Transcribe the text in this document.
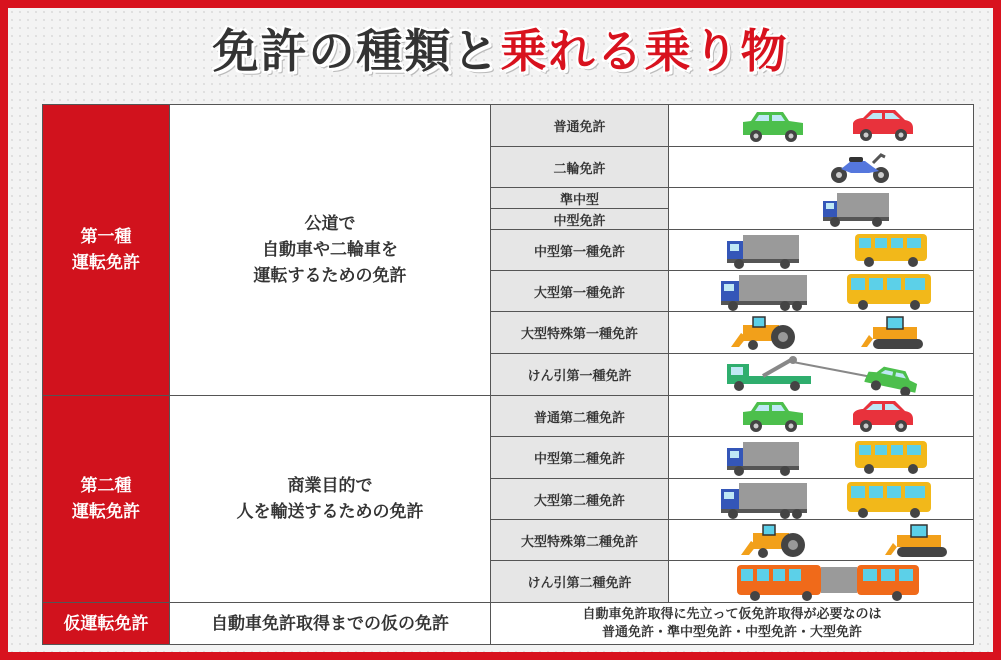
免許の種類と乗れる乗り物
第一種
運転免許
第二種
運転免許
仮運転免許
公道で
自動車や二輪車を
運転するための免許
商業目的で
人を輸送するための免許
自動車免許取得までの仮の免許
普通免許
二輪免許
準中型
中型免許
中型第一種免許
大型第一種免許
大型特殊第一種免許
けん引第一種免許
普通第二種免許
中型第二種免許
大型第二種免許
大型特殊第二種免許
けん引第二種免許
自動車免許取得に先立って仮免許取得が必要なのは
普通免許・準中型免許・中型免許・大型免許
